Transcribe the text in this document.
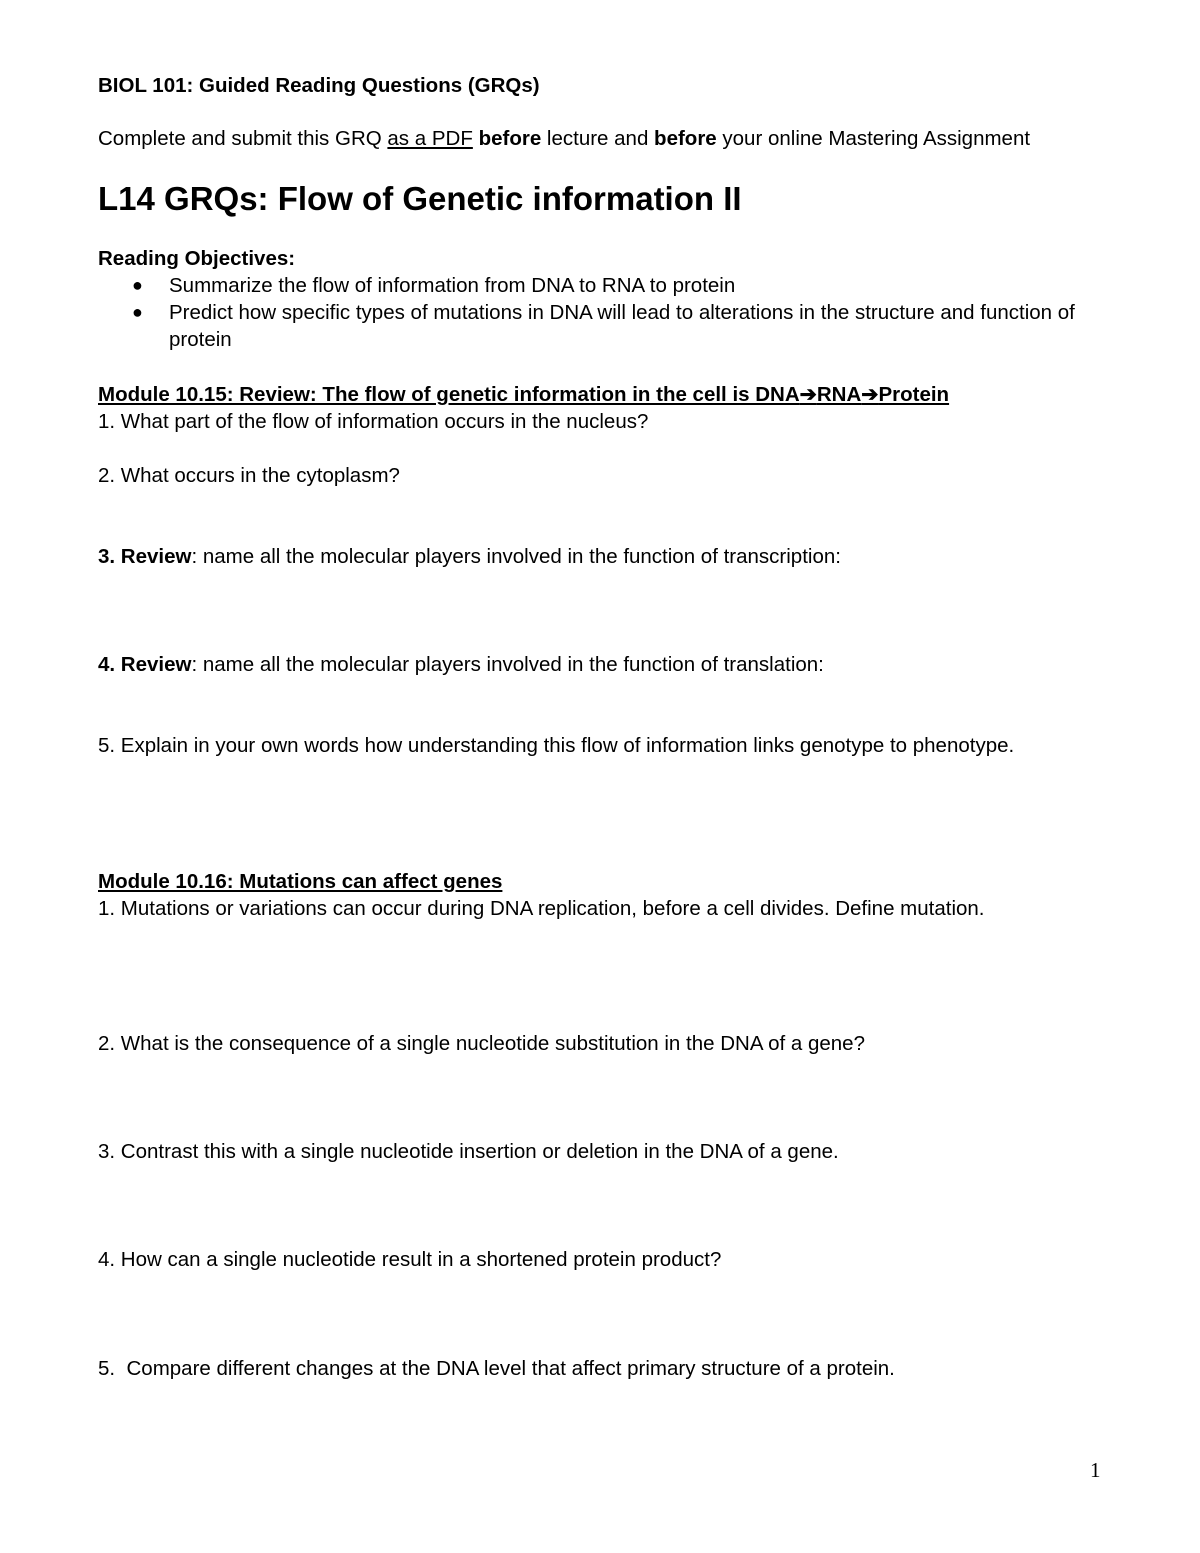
BIOL 101: Guided Reading Questions (GRQs)
Complete and submit this GRQ as a PDF before lecture and before your online Mastering Assignment
L14 GRQs: Flow of Genetic information II
Reading Objectives:
● Summarize the flow of information from DNA to RNA to protein
● Predict how specific types of mutations in DNA will lead to alterations in the structure and function of protein
Module 10.15: Review: The flow of genetic information in the cell is DNA➔RNA➔Protein
1. What part of the flow of information occurs in the nucleus?
2. What occurs in the cytoplasm?
3. Review: name all the molecular players involved in the function of transcription:
4. Review: name all the molecular players involved in the function of translation:
5. Explain in your own words how understanding this flow of information links genotype to phenotype.
Module 10.16: Mutations can affect genes
1. Mutations or variations can occur during DNA replication, before a cell divides. Define mutation.
2. What is the consequence of a single nucleotide substitution in the DNA of a gene?
3. Contrast this with a single nucleotide insertion or deletion in the DNA of a gene.
4. How can a single nucleotide result in a shortened protein product?
5.  Compare different changes at the DNA level that affect primary structure of a protein.
1
